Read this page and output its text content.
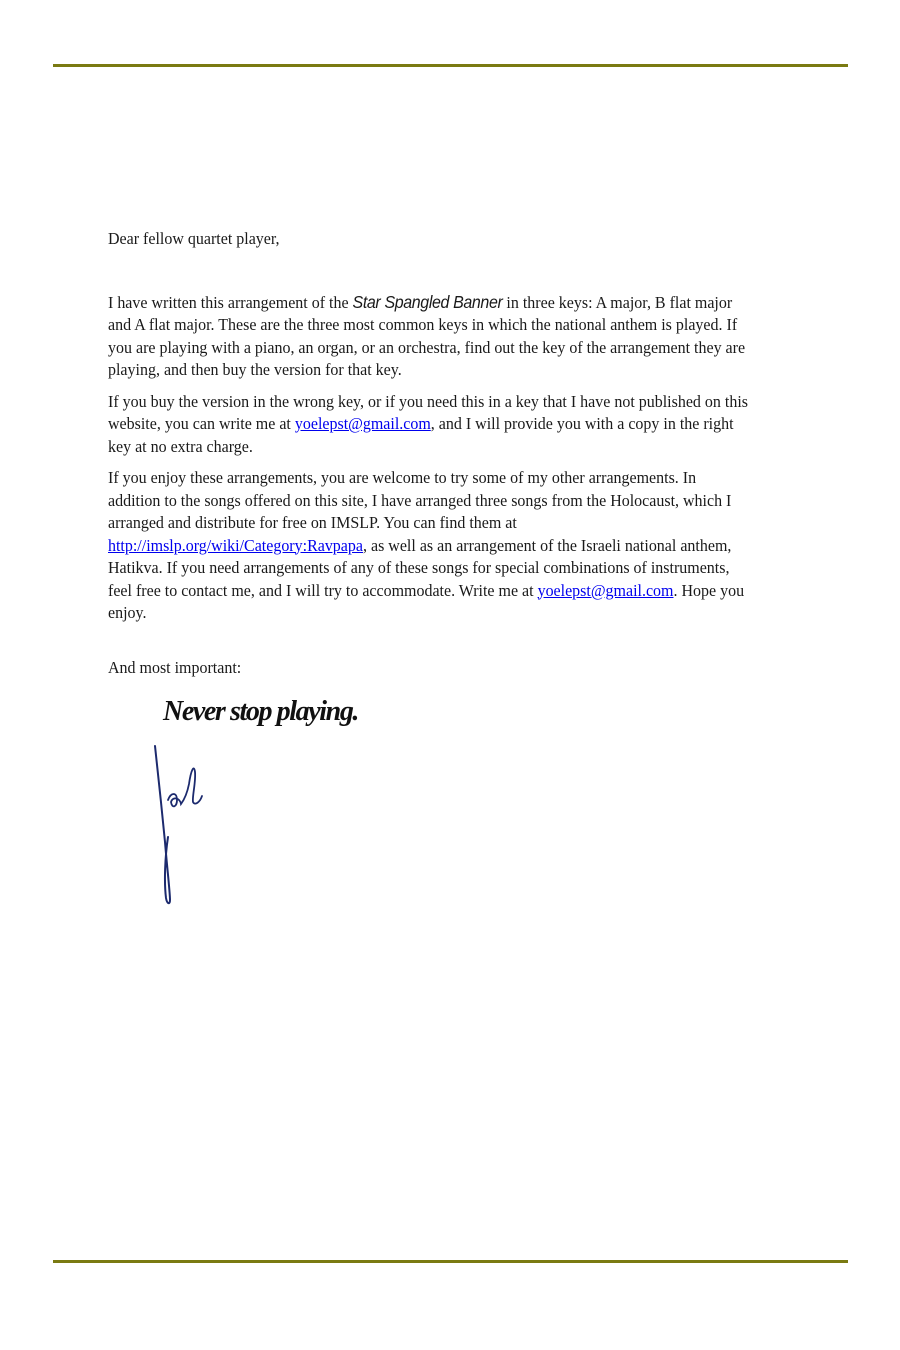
Dear fellow quartet player,

I have written this arrangement of the Star Spangled Banner in three keys: A major, B flat major and A flat major. These are the three most common keys in which the national anthem is played. If you are playing with a piano, an organ, or an orchestra, find out the key of the arrangement they are playing, and then buy the version for that key.

If you buy the version in the wrong key, or if you need this in a key that I have not published on this website, you can write me at yoelepst@gmail.com, and I will provide you with a copy in the right key at no extra charge.

If you enjoy these arrangements, you are welcome to try some of my other arrangements. In addition to the songs offered on this site, I have arranged three songs from the Holocaust, which I arranged and distribute for free on IMSLP. You can find them at http://imslp.org/wiki/Category:Ravpapa, as well as an arrangement of the Israeli national anthem, Hatikva. If you need arrangements of any of these songs for special combinations of instruments, feel free to contact me, and I will try to accommodate. Write me at yoelepst@gmail.com. Hope you enjoy.

And most important:

Never stop playing.
